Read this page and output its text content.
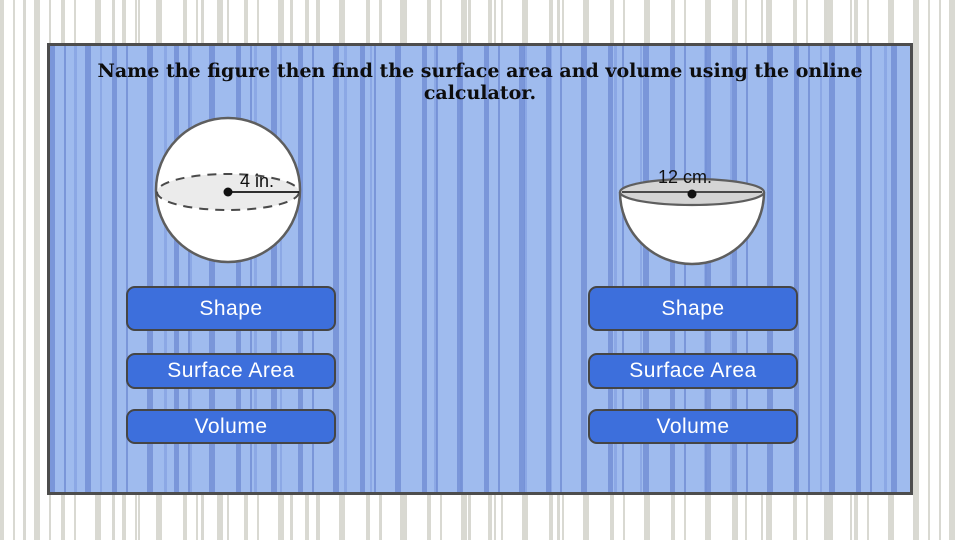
Name the figure then find the surface area and volume using the online
calculator.
4 in.	12 cm.
Shape
Surface Area
Volume
Shape
Surface Area
Volume
